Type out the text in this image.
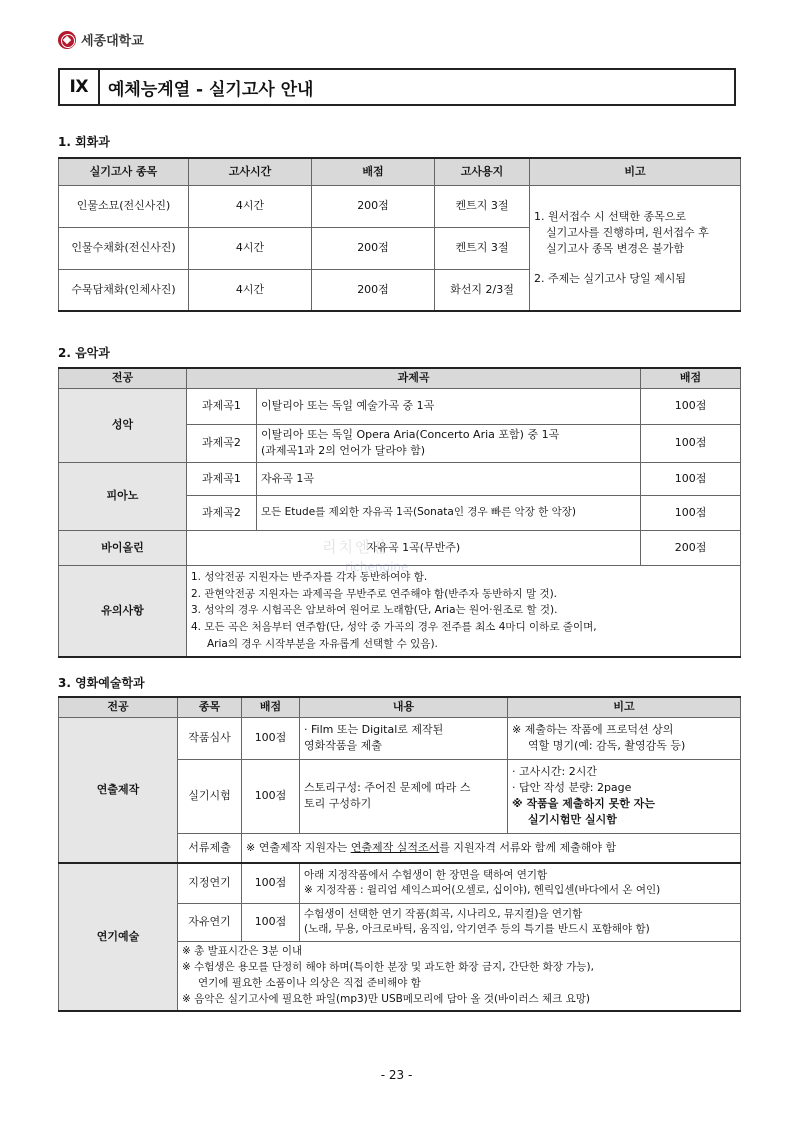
세종대학교
Ⅸ	예체능계열 - 실기고사 안내
1. 회화과
실기고사 종목	고사시간	배점	고사용지	비고
인물소묘(전신사진)	4시간	200점	켄트지 3절	1. 원서접수 시 선택한 종목으로
실기고사를 진행하며, 원서접수 후
실기고사 종목 변경은 불가함
2. 주제는 실기고사 당일 제시됨

인물수채화(전신사진)	4시간	200점	켄트지 3절	
수묵담채화(인체사진)	4시간	200점	화선지 2/3절	
2. 음악과
전공	과제곡		배점
성악	과제곡1	이탈리아 또는 독일 예술가곡 중 1곡	100점
	과제곡2	이탈리아 또는 독일 Opera Aria(Concerto Aria 포함) 중 1곡
(과제곡1과 2의 언어가 달라야 함)	100점
피아노	과제곡1	자유곡 1곡	100점
	과제곡2	모든 Etude를 제외한 자유곡 1곡(Sonata인 경우 빠른 악장 한 악장)	100점
바이올린	자유곡 1곡(무반주)		200점
유의사항	1. 성악전공 지원자는 반주자를 각자 동반하여야 함.
2. 관현악전공 지원자는 과제곡을 무반주로 연주해야 함(반주자 동반하지 말 것).
3. 성악의 경우 시험곡은 암보하여 원어로 노래함(단, Aria는 원어·원조로 할 것).
4. 모든 곡은 처음부터 연주함(단, 성악 중 가곡의 경우 전주를 최소 4마디 이하로 줄이며,
Aria의 경우 시작부분을 자유롭게 선택할 수 있음).		
3. 영화예술학과
전공	종목	배점	내용	비고
연출제작	작품심사	100점	· Film 또는 Digital로 제작된
영화작품을 제출	※ 제출하는 작품에 프로덕션 상의
역할 명기(예: 감독, 촬영감독 등)

	실기시험	100점	스토리구성: 주어진 문제에 따라 스
토리 구성하기	· 고사시간: 2시간
· 답안 작성 분량: 2page
※ 작품을 제출하지 못한 자는
실기시험만 실시함

	서류제출	※ 연출제작 지원자는 연출제작 실적조서를 지원자격 서류와 함께 제출해야 함		
연기예술	지정연기	100점	아래 지정작품에서 수험생이 한 장면을 택하여 연기함
※ 지정작품 : 윌리엄 셰익스피어(오셀로, 십이야), 헨릭입센(바다에서 온 여인)	

	자유연기	100점	수험생이 선택한 연기 작품(희곡, 시나리오, 뮤지컬)을 연기함
(노래, 무용, 아크로바틱, 움직임, 악기연주 등의 특기를 반드시 포함해야 함)	

	※ 총 발표시간은 3분 이내
※ 수험생은 용모를 단정히 해야 하며(특이한 분장 및 과도한 화장 금지, 간단한 화장 가능),
연기에 필요한 소품이나 의상은 직접 준비해야 함
※ 음악은 실기고사에 필요한 파일(mp3)만 USB메모리에 담아 올 것(바이러스 체크 요망)			
리치엔진
richengine
- 23 -
